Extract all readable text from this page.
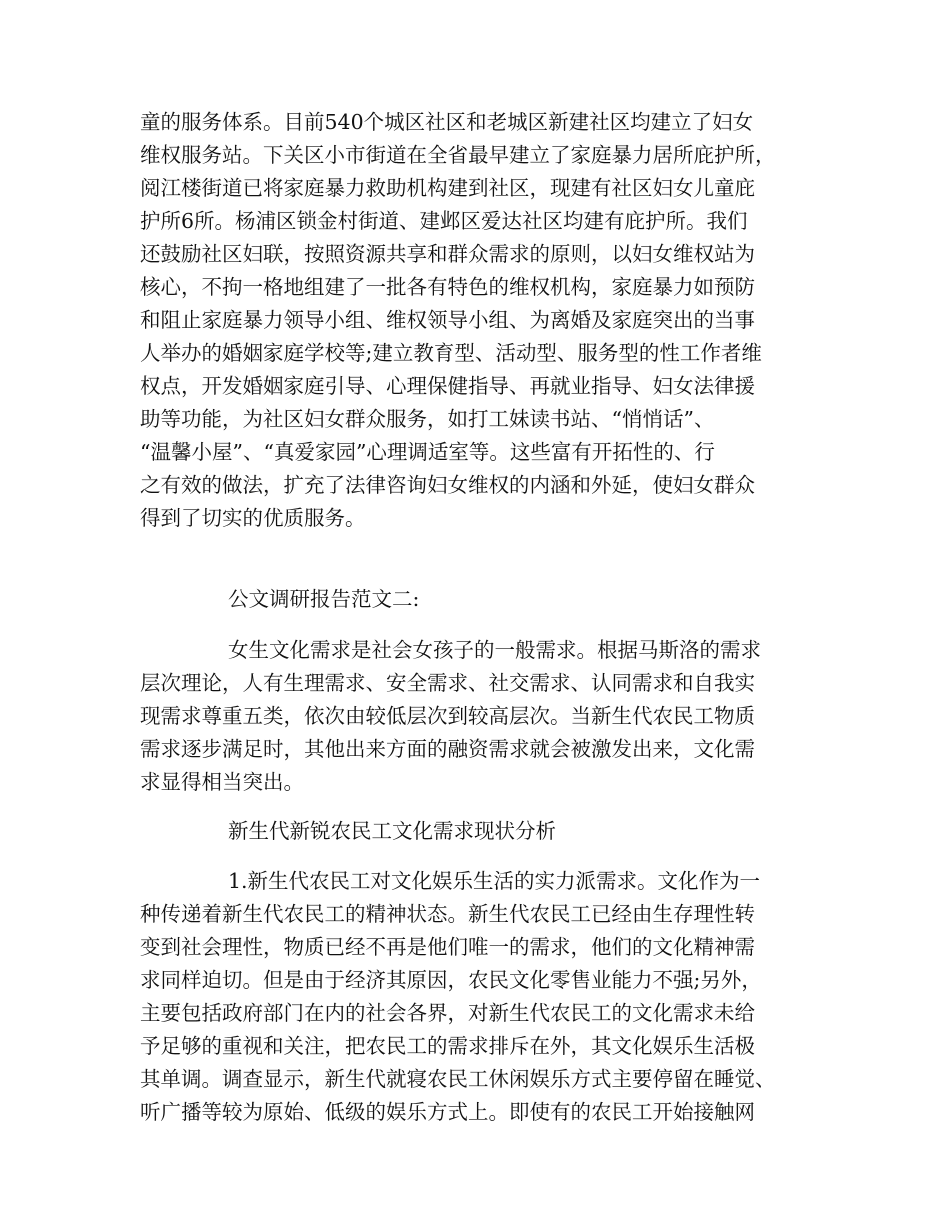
童的服务体系。目前540个城区社区和老城区新建社区均建立了妇女
维权服务站。下关区小市街道在全省最早建立了家庭暴力居所庇护所，
阅江楼街道已将家庭暴力救助机构建到社区，现建有社区妇女儿童庇
护所6所。杨浦区锁金村街道、建邺区爱达社区均建有庇护所。我们
还鼓励社区妇联，按照资源共享和群众需求的原则，以妇女维权站为
核心，不拘一格地组建了一批各有特色的维权机构，家庭暴力如预防
和阻止家庭暴力领导小组、维权领导小组、为离婚及家庭突出的当事
人举办的婚姻家庭学校等;建立教育型、活动型、服务型的性工作者维
权点，开发婚姻家庭引导、心理保健指导、再就业指导、妇女法律援
助等功能，为社区妇女群众服务，如打工妹读书站、“悄悄话”、
“温馨小屋”、“真爱家园”心理调适室等。这些富有开拓性的、行
之有效的做法，扩充了法律咨询妇女维权的内涵和外延，使妇女群众
得到了切实的优质服务。
公文调研报告范文二:
女生文化需求是社会女孩子的一般需求。根据马斯洛的需求
层次理论，人有生理需求、安全需求、社交需求、认同需求和自我实
现需求尊重五类，依次由较低层次到较高层次。当新生代农民工物质
需求逐步满足时，其他出来方面的融资需求就会被激发出来，文化需
求显得相当突出。
新生代新锐农民工文化需求现状分析
1.新生代农民工对文化娱乐生活的实力派需求。文化作为一
种传递着新生代农民工的精神状态。新生代农民工已经由生存理性转
变到社会理性，物质已经不再是他们唯一的需求，他们的文化精神需
求同样迫切。但是由于经济其原因，农民文化零售业能力不强;另外，
主要包括政府部门在内的社会各界，对新生代农民工的文化需求未给
予足够的重视和关注，把农民工的需求排斥在外，其文化娱乐生活极
其单调。调查显示，新生代就寝农民工休闲娱乐方式主要停留在睡觉、
听广播等较为原始、低级的娱乐方式上。即使有的农民工开始接触网
